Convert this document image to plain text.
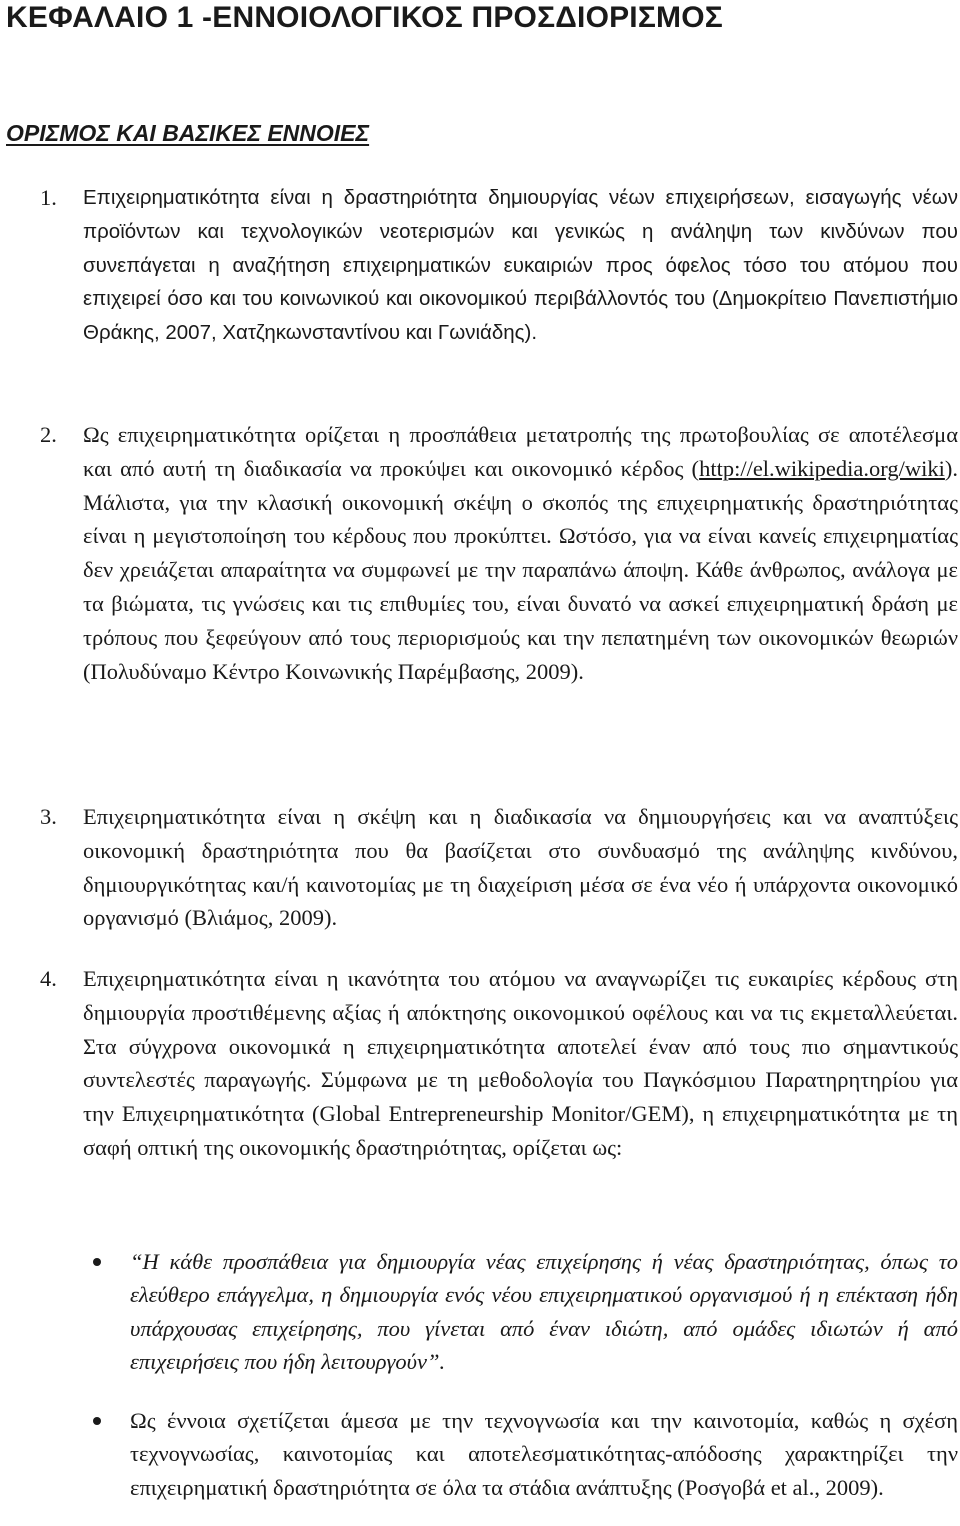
ΚΕΦΑΛΑΙΟ 1 -ΕΝΝΟΙΟΛΟΓΙΚΟΣ ΠΡΟΣΔΙΟΡΙΣΜΟΣ
ΟΡΙΣΜΟΣ ΚΑΙ ΒΑΣΙΚΕΣ ΕΝΝΟΙΕΣ
1. Επιχειρηματικότητα είναι η δραστηριότητα δημιουργίας νέων επιχειρήσεων, εισαγωγής νέων προϊόντων και τεχνολογικών νεοτερισμών και γενικώς η ανάληψη των κινδύνων που συνεπάγεται η αναζήτηση επιχειρηματικών ευκαιριών προς όφελος τόσο του ατόμου που επιχειρεί όσο και του κοινωνικού και οικονομικού περιβάλλοντός του (Δημοκρίτειο Πανεπιστήμιο Θράκης, 2007, Χατζηκωνσταντίνου και Γωνιάδης).

2. Ως επιχειρηματικότητα ορίζεται η προσπάθεια μετατροπής της πρωτοβουλίας σε αποτέλεσμα και από αυτή τη διαδικασία να προκύψει και οικονομικό κέρδος (http://el.wikipedia.org/wiki). Μάλιστα, για την κλασική οικονομική σκέψη ο σκοπός της επιχειρηματικής δραστηριότητας είναι η μεγιστοποίηση του κέρδους που προκύπτει. Ωστόσο, για να είναι κανείς επιχειρηματίας δεν χρειάζεται απαραίτητα να συμφωνεί με την παραπάνω άποψη. Κάθε άνθρωπος, ανάλογα με τα βιώματα, τις γνώσεις και τις επιθυμίες του, είναι δυνατό να ασκεί επιχειρηματική δράση με τρόπους που ξεφεύγουν από τους περιορισμούς και την πεπατημένη των οικονομικών θεωριών (Πολυδύναμο Κέντρο Κοινωνικής Παρέμβασης, 2009).

3. Επιχειρηματικότητα είναι η σκέψη και η διαδικασία να δημιουργήσεις και να αναπτύξεις οικονομική δραστηριότητα που θα βασίζεται στο συνδυασμό της ανάληψης κινδύνου, δημιουργικότητας και/ή καινοτομίας με τη διαχείριση μέσα σε ένα νέο ή υπάρχοντα οικονομικό οργανισμό (Βλιάμος, 2009).

4. Επιχειρηματικότητα είναι η ικανότητα του ατόμου να αναγνωρίζει τις ευκαιρίες κέρδους στη δημιουργία προστιθέμενης αξίας ή απόκτησης οικονομικού οφέλους και να τις εκμεταλλεύεται. Στα σύγχρονα οικονομικά η επιχειρηματικότητα αποτελεί έναν από τους πιο σημαντικούς συντελεστές παραγωγής. Σύμφωνα με τη μεθοδολογία του Παγκόσμιου Παρατηρητηρίου για την Επιχειρηματικότητα (Global Entrepreneurship Monitor/GEM), η επιχειρηματικότητα με τη σαφή οπτική της οικονομικής δραστηριότητας, ορίζεται ως:

“Η κάθε προσπάθεια για δημιουργία νέας επιχείρησης ή νέας δραστηριότητας, όπως το ελεύθερο επάγγελμα, η δημιουργία ενός νέου επιχειρηματικού οργανισμού ή η επέκταση ήδη υπάρχουσας επιχείρησης, που γίνεται από έναν ιδιώτη, από ομάδες ιδιωτών ή από επιχειρήσεις που ήδη λειτουργούν”.

Ως έννοια σχετίζεται άμεσα με την τεχνογνωσία και την καινοτομία, καθώς η σχέση τεχνογνωσίας, καινοτομίας και αποτελεσματικότητας-απόδοσης χαρακτηρίζει την επιχειρηματική δραστηριότητα σε όλα τα στάδια ανάπτυξης (Ροσγοβά et al., 2009).
